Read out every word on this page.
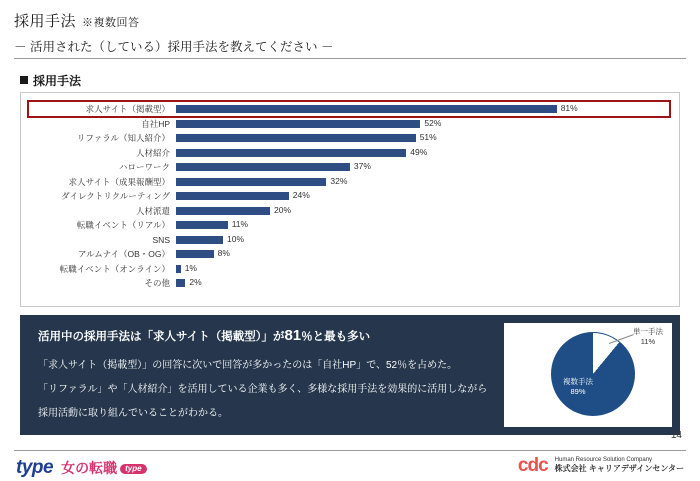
採用手法 ※複数回答
－ 活用された（している）採用手法を教えてください －
採用手法
求人サイト（掲載型）	81%
自社HP	52%
リファラル（知人紹介）	51%
人材紹介	49%
ハローワーク	37%
求人サイト（成果報酬型）	32%
ダイレクトリクルーティング	24%
人材派遣	20%
転職イベント（リアル）	11%
SNS	10%
アルムナイ（OB・OG）	8%
転職イベント（オンライン）	1%
その他	2%
活用中の採用手法は「求人サイト（掲載型）」が81％と最も多い
「求人サイト（掲載型）」の回答に次いで回答が多かったのは「自社HP」で、52％を占めた。
「リファラル」や「人材紹介」を活用している企業も多く、多様な採用手法を効果的に活用しながら
採用活動に取り組んでいることがわかる。
単一手法
11%
複数手法
89%
14
type 女の転職 type	cdc Human Resource Solution Company
株式会社 キャリアデザインセンター
